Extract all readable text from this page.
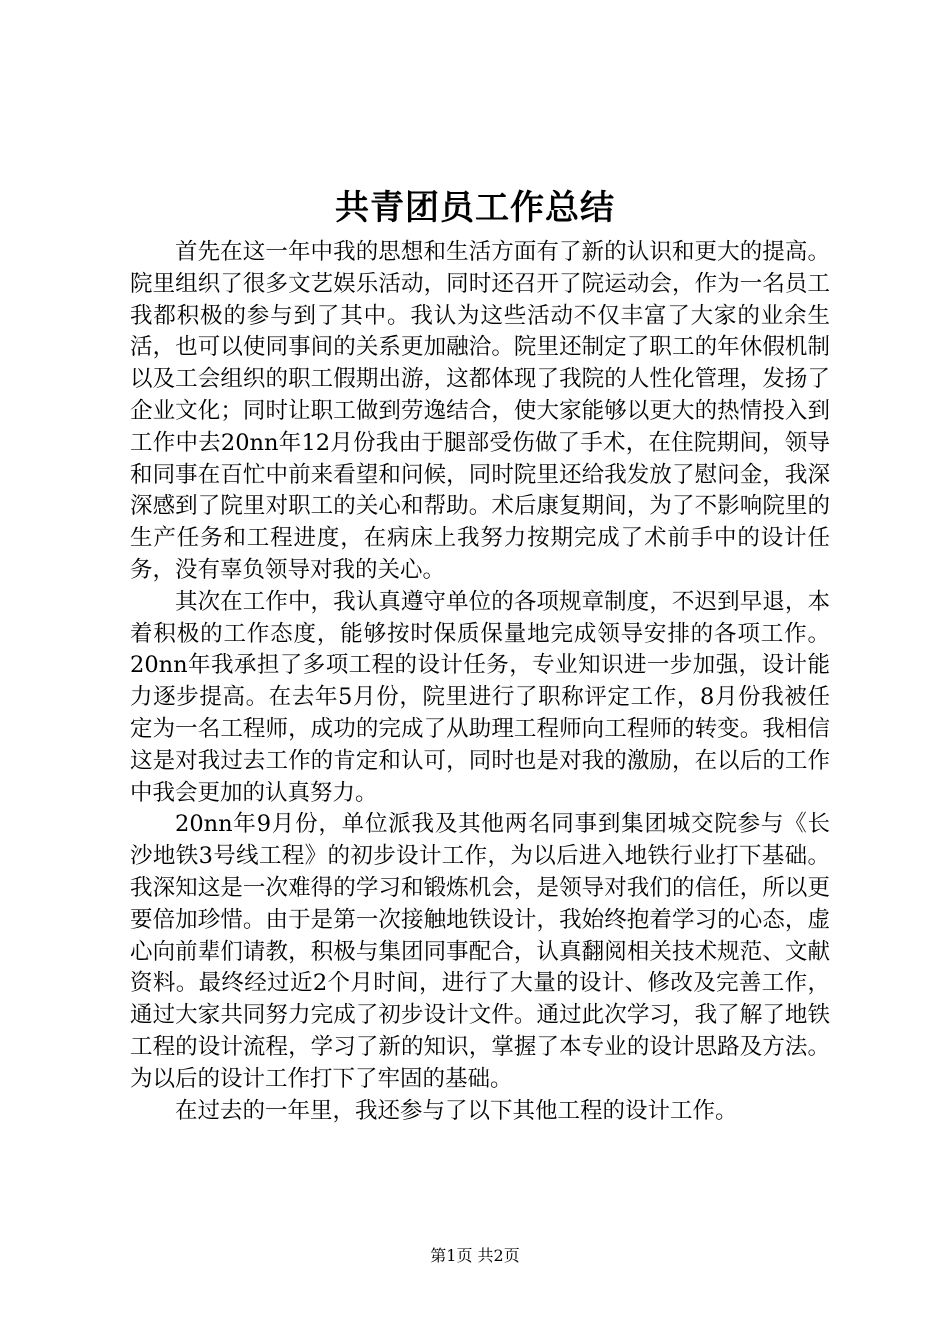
共青团员工作总结

首先在这一年中我的思想和生活方面有了新的认识和更大的提高。院里组织了很多文艺娱乐活动，同时还召开了院运动会，作为一名员工我都积极的参与到了其中。我认为这些活动不仅丰富了大家的业余生活，也可以使同事间的关系更加融洽。院里还制定了职工的年休假机制以及工会组织的职工假期出游，这都体现了我院的人性化管理，发扬了企业文化；同时让职工做到劳逸结合，使大家能够以更大的热情投入到工作中去20nn年12月份我由于腿部受伤做了手术，在住院期间，领导和同事在百忙中前来看望和问候，同时院里还给我发放了慰问金，我深深感到了院里对职工的关心和帮助。术后康复期间，为了不影响院里的生产任务和工程进度，在病床上我努力按期完成了术前手中的设计任务，没有辜负领导对我的关心。

其次在工作中，我认真遵守单位的各项规章制度，不迟到早退，本着积极的工作态度，能够按时保质保量地完成领导安排的各项工作。20nn年我承担了多项工程的设计任务，专业知识进一步加强，设计能力逐步提高。在去年5月份，院里进行了职称评定工作，8月份我被任定为一名工程师，成功的完成了从助理工程师向工程师的转变。我相信这是对我过去工作的肯定和认可，同时也是对我的激励，在以后的工作中我会更加的认真努力。

20nn年9月份，单位派我及其他两名同事到集团城交院参与《长沙地铁3号线工程》的初步设计工作，为以后进入地铁行业打下基础。我深知这是一次难得的学习和锻炼机会，是领导对我们的信任，所以更要倍加珍惜。由于是第一次接触地铁设计，我始终抱着学习的心态，虚心向前辈们请教，积极与集团同事配合，认真翻阅相关技术规范、文献资料。最终经过近2个月时间，进行了大量的设计、修改及完善工作，通过大家共同努力完成了初步设计文件。通过此次学习，我了解了地铁工程的设计流程，学习了新的知识，掌握了本专业的设计思路及方法。为以后的设计工作打下了牢固的基础。

在过去的一年里，我还参与了以下其他工程的设计工作。

第1页 共2页
